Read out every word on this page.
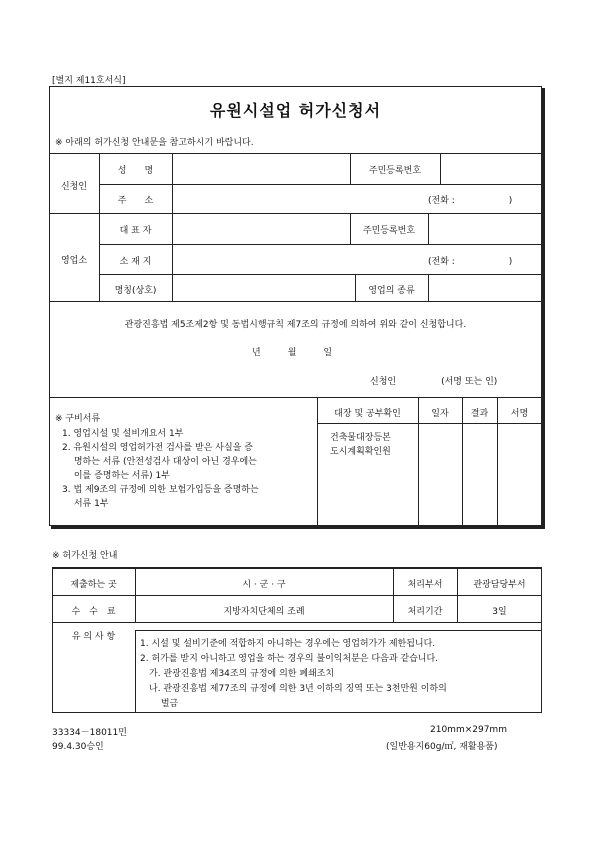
[별지 제11호서식]
유원시설업 허가신청서
※ 아래의 허가신청 안내문을 참고하시기 바랍니다.
신청인
성　　명	주민등록번호
주　　소	(전화 :　　　　　　)
영업소
대 표 자	주민등록번호
소 재 지	(전화 :　　　　　　)
명칭(상호)	영업의 종류
관광진흥법 제5조제2항 및 동법시행규칙 제7조의 규정에 의하여 위와 같이 신청합니다.
년　　　월　　　일
신청인　　　　　(서명 또는 인)
※ 구비서류
1. 영업시설 및 설비개요서 1부
2. 유원시설의 영업허가전 검사를 받은 사실을 증
　 명하는 서류 (안전성검사 대상이 아닌 경우에는
　 이를 증명하는 서류) 1부
3. 법 제9조의 규정에 의한 보험가입등을 증명하는
　 서류 1부
대장 및 공부확인	일자	결과	서명
건축물대장등본
도시계획확인원
※ 허가신청 안내
제출하는 곳	시 · 군 · 구	처리부서	관광담당부서
수　수　료	지방자치단체의 조례	처리기간	3일
유 의 사 항
1. 시설 및 설비기준에 적합하지 아니하는 경우에는 영업허가가 제한됩니다.
2. 허가를 받지 아니하고 영업을 하는 경우의 불이익처분은 다음과 같습니다.
　가. 관광진흥법 제34조의 규정에 의한 폐쇄조치
　나. 관광진흥법 제77조의 규정에 의한 3년 이하의 징역 또는 3천만원 이하의
　　 벌금
33334－18011민
99.4.30승인
210mm×297mm
(일반용지60g/㎡, 재활용품)
